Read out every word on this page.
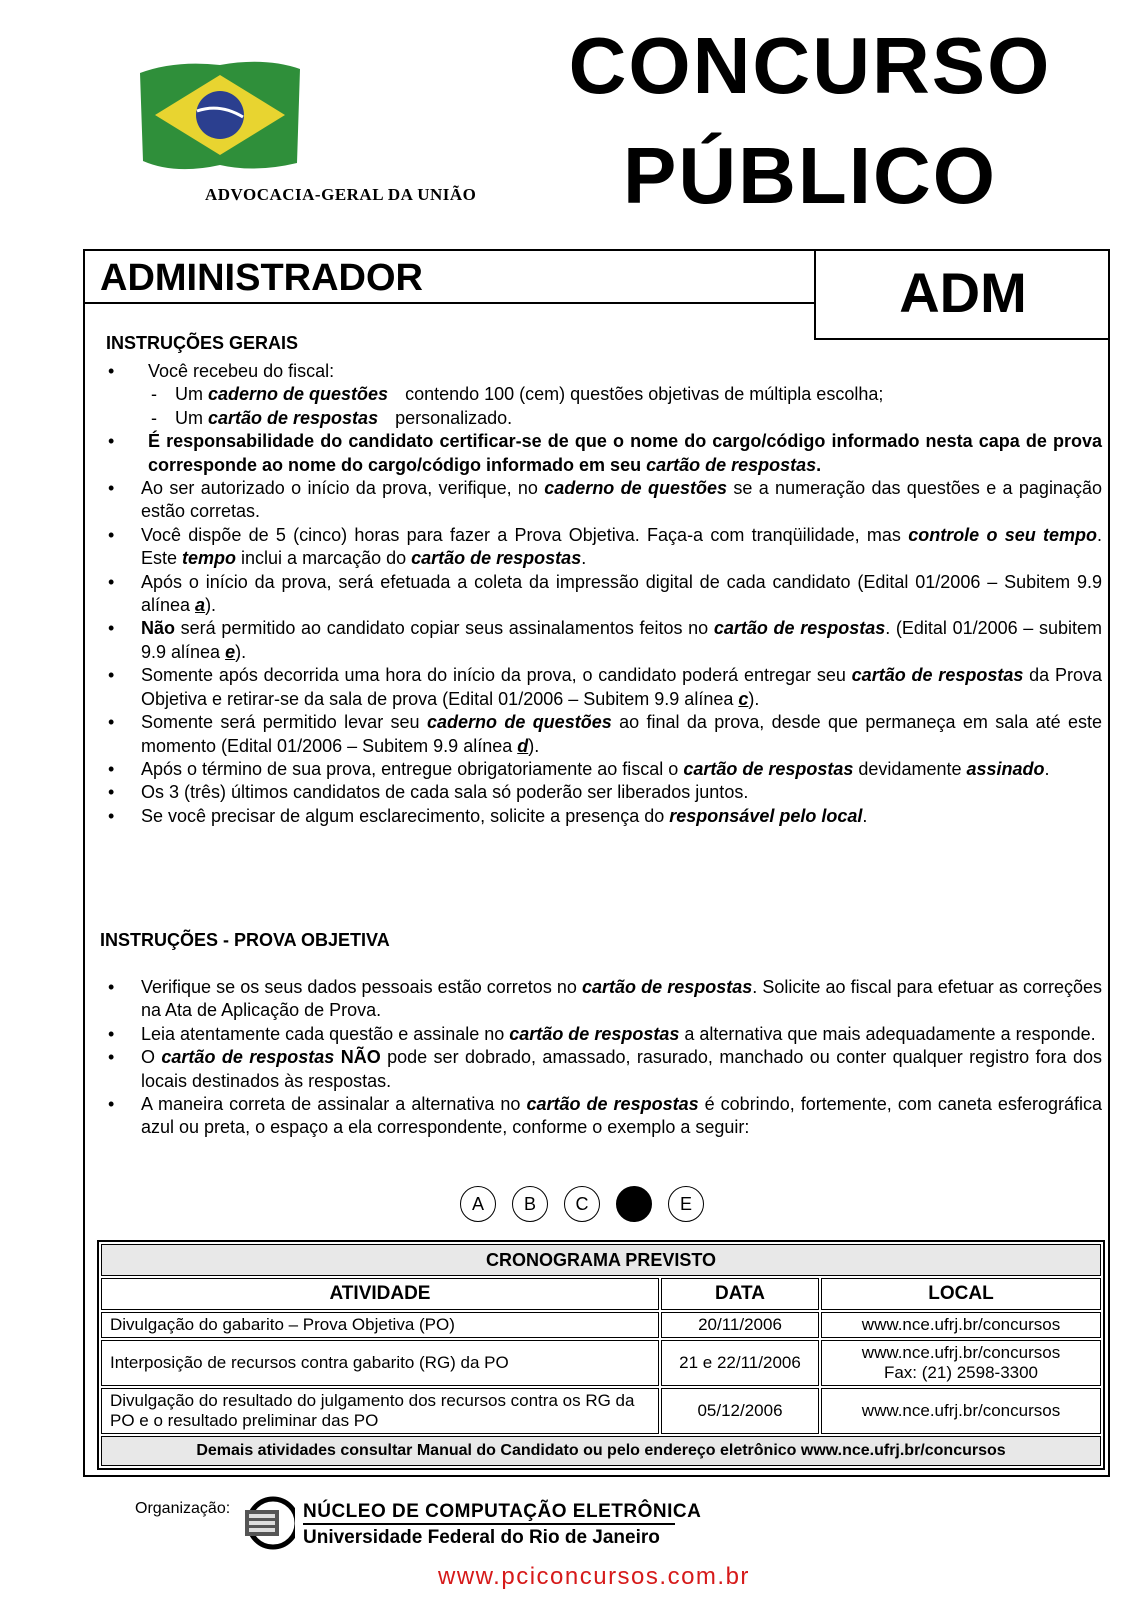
ADVOCACIA-GERAL DA UNIÃO
CONCURSO
PÚBLICO
ADMINISTRADOR	ADM
INSTRUÇÕES GERAIS
• Você recebeu do fiscal:
- Um caderno de questões contendo 100 (cem) questões objetivas de múltipla escolha;
- Um cartão de respostas personalizado.
• É responsabilidade do candidato certificar-se de que o nome do cargo/código informado nesta capa de prova corresponde ao nome do cargo/código informado em seu cartão de respostas.
• Ao ser autorizado o início da prova, verifique, no caderno de questões se a numeração das questões e a paginação estão corretas.
• Você dispõe de 5 (cinco) horas para fazer a Prova Objetiva. Faça-a com tranqüilidade, mas controle o seu tempo. Este tempo inclui a marcação do cartão de respostas.
• Após o início da prova, será efetuada a coleta da impressão digital de cada candidato (Edital 01/2006 – Subitem 9.9 alínea a).
• Não será permitido ao candidato copiar seus assinalamentos feitos no cartão de respostas. (Edital 01/2006 – subitem 9.9 alínea e).
• Somente após decorrida uma hora do início da prova, o candidato poderá entregar seu cartão de respostas da Prova Objetiva e retirar-se da sala de prova (Edital 01/2006 – Subitem 9.9 alínea c).
• Somente será permitido levar seu caderno de questões ao final da prova, desde que permaneça em sala até este momento (Edital 01/2006 – Subitem 9.9 alínea d).
• Após o término de sua prova, entregue obrigatoriamente ao fiscal o cartão de respostas devidamente assinado.
• Os 3 (três) últimos candidatos de cada sala só poderão ser liberados juntos.
• Se você precisar de algum esclarecimento, solicite a presença do responsável pelo local.
INSTRUÇÕES - PROVA OBJETIVA
• Verifique se os seus dados pessoais estão corretos no cartão de respostas. Solicite ao fiscal para efetuar as correções na Ata de Aplicação de Prova.
• Leia atentamente cada questão e assinale no cartão de respostas a alternativa que mais adequadamente a responde.
• O cartão de respostas NÃO pode ser dobrado, amassado, rasurado, manchado ou conter qualquer registro fora dos locais destinados às respostas.
• A maneira correta de assinalar a alternativa no cartão de respostas é cobrindo, fortemente, com caneta esferográfica azul ou preta, o espaço a ela correspondente, conforme o exemplo a seguir:
A	B	C	E
CRONOGRAMA PREVISTO		
ATIVIDADE	DATA	LOCAL
Divulgação do gabarito – Prova Objetiva (PO)	20/11/2006	www.nce.ufrj.br/concursos
Interposição de recursos contra gabarito (RG) da PO	21 e 22/11/2006	www.nce.ufrj.br/concursos
Fax: (21) 2598-3300

Divulgação do resultado do julgamento dos recursos contra os RG da PO e o resultado preliminar das PO	05/12/2006	www.nce.ufrj.br/concursos
Demais atividades consultar Manual do Candidato ou pelo endereço eletrônico www.nce.ufrj.br/concursos		
Organização:	NÚCLEO DE COMPUTAÇÃO ELETRÔNICA
Universidade Federal do Rio de Janeiro
www.pciconcursos.com.br
